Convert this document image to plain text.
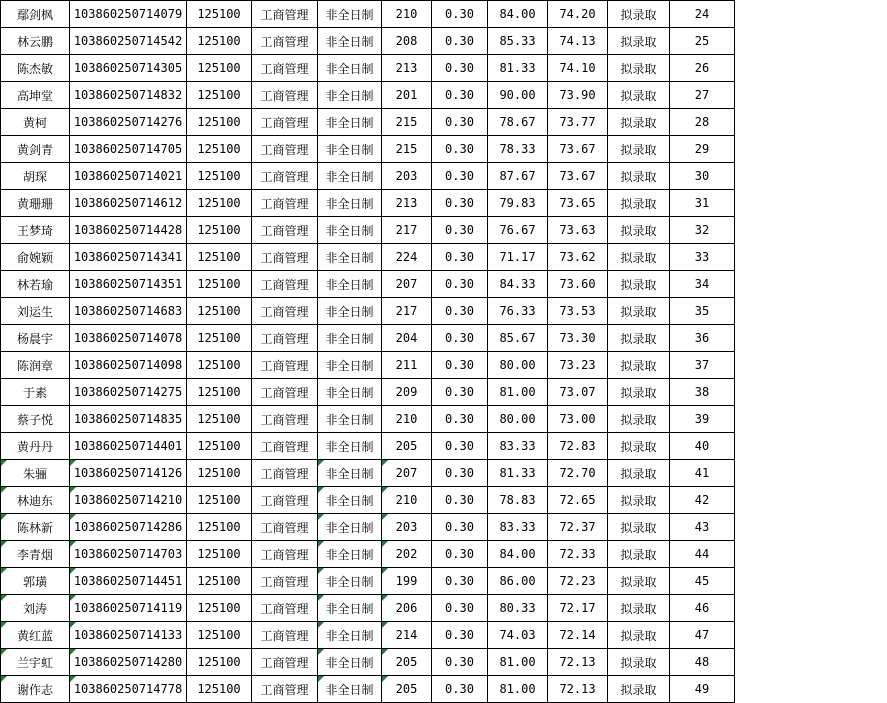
鄢剑枫	103860250714079	125100	工商管理	非全日制	210	0.30	84.00	74.20	拟录取	24
林云鹏	103860250714542	125100	工商管理	非全日制	208	0.30	85.33	74.13	拟录取	25
陈杰敏	103860250714305	125100	工商管理	非全日制	213	0.30	81.33	74.10	拟录取	26
高坤堂	103860250714832	125100	工商管理	非全日制	201	0.30	90.00	73.90	拟录取	27
黄柯	103860250714276	125100	工商管理	非全日制	215	0.30	78.67	73.77	拟录取	28
黄剑青	103860250714705	125100	工商管理	非全日制	215	0.30	78.33	73.67	拟录取	29
胡琛	103860250714021	125100	工商管理	非全日制	203	0.30	87.67	73.67	拟录取	30
黄珊珊	103860250714612	125100	工商管理	非全日制	213	0.30	79.83	73.65	拟录取	31
王梦琦	103860250714428	125100	工商管理	非全日制	217	0.30	76.67	73.63	拟录取	32
俞婉颖	103860250714341	125100	工商管理	非全日制	224	0.30	71.17	73.62	拟录取	33
林若瑜	103860250714351	125100	工商管理	非全日制	207	0.30	84.33	73.60	拟录取	34
刘运生	103860250714683	125100	工商管理	非全日制	217	0.30	76.33	73.53	拟录取	35
杨晨宇	103860250714078	125100	工商管理	非全日制	204	0.30	85.67	73.30	拟录取	36
陈润章	103860250714098	125100	工商管理	非全日制	211	0.30	80.00	73.23	拟录取	37
于素	103860250714275	125100	工商管理	非全日制	209	0.30	81.00	73.07	拟录取	38
蔡子悦	103860250714835	125100	工商管理	非全日制	210	0.30	80.00	73.00	拟录取	39
黄丹丹	103860250714401	125100	工商管理	非全日制	205	0.30	83.33	72.83	拟录取	40

朱骊	103860250714126	125100	工商管理	非全日制	207	0.30	81.33	72.70	拟录取	41

林迪东	103860250714210	125100	工商管理	非全日制	210	0.30	78.83	72.65	拟录取	42

陈林新	103860250714286	125100	工商管理	非全日制	203	0.30	83.33	72.37	拟录取	43

李青烟	103860250714703	125100	工商管理	非全日制	202	0.30	84.00	72.33	拟录取	44

郭璜	103860250714451	125100	工商管理	非全日制	199	0.30	86.00	72.23	拟录取	45

刘涛	103860250714119	125100	工商管理	非全日制	206	0.30	80.33	72.17	拟录取	46

黄红蓝	103860250714133	125100	工商管理	非全日制	214	0.30	74.03	72.14	拟录取	47

兰宇虹	103860250714280	125100	工商管理	非全日制	205	0.30	81.00	72.13	拟录取	48

谢作志	103860250714778	125100	工商管理	非全日制	205	0.30	81.00	72.13	拟录取	49
